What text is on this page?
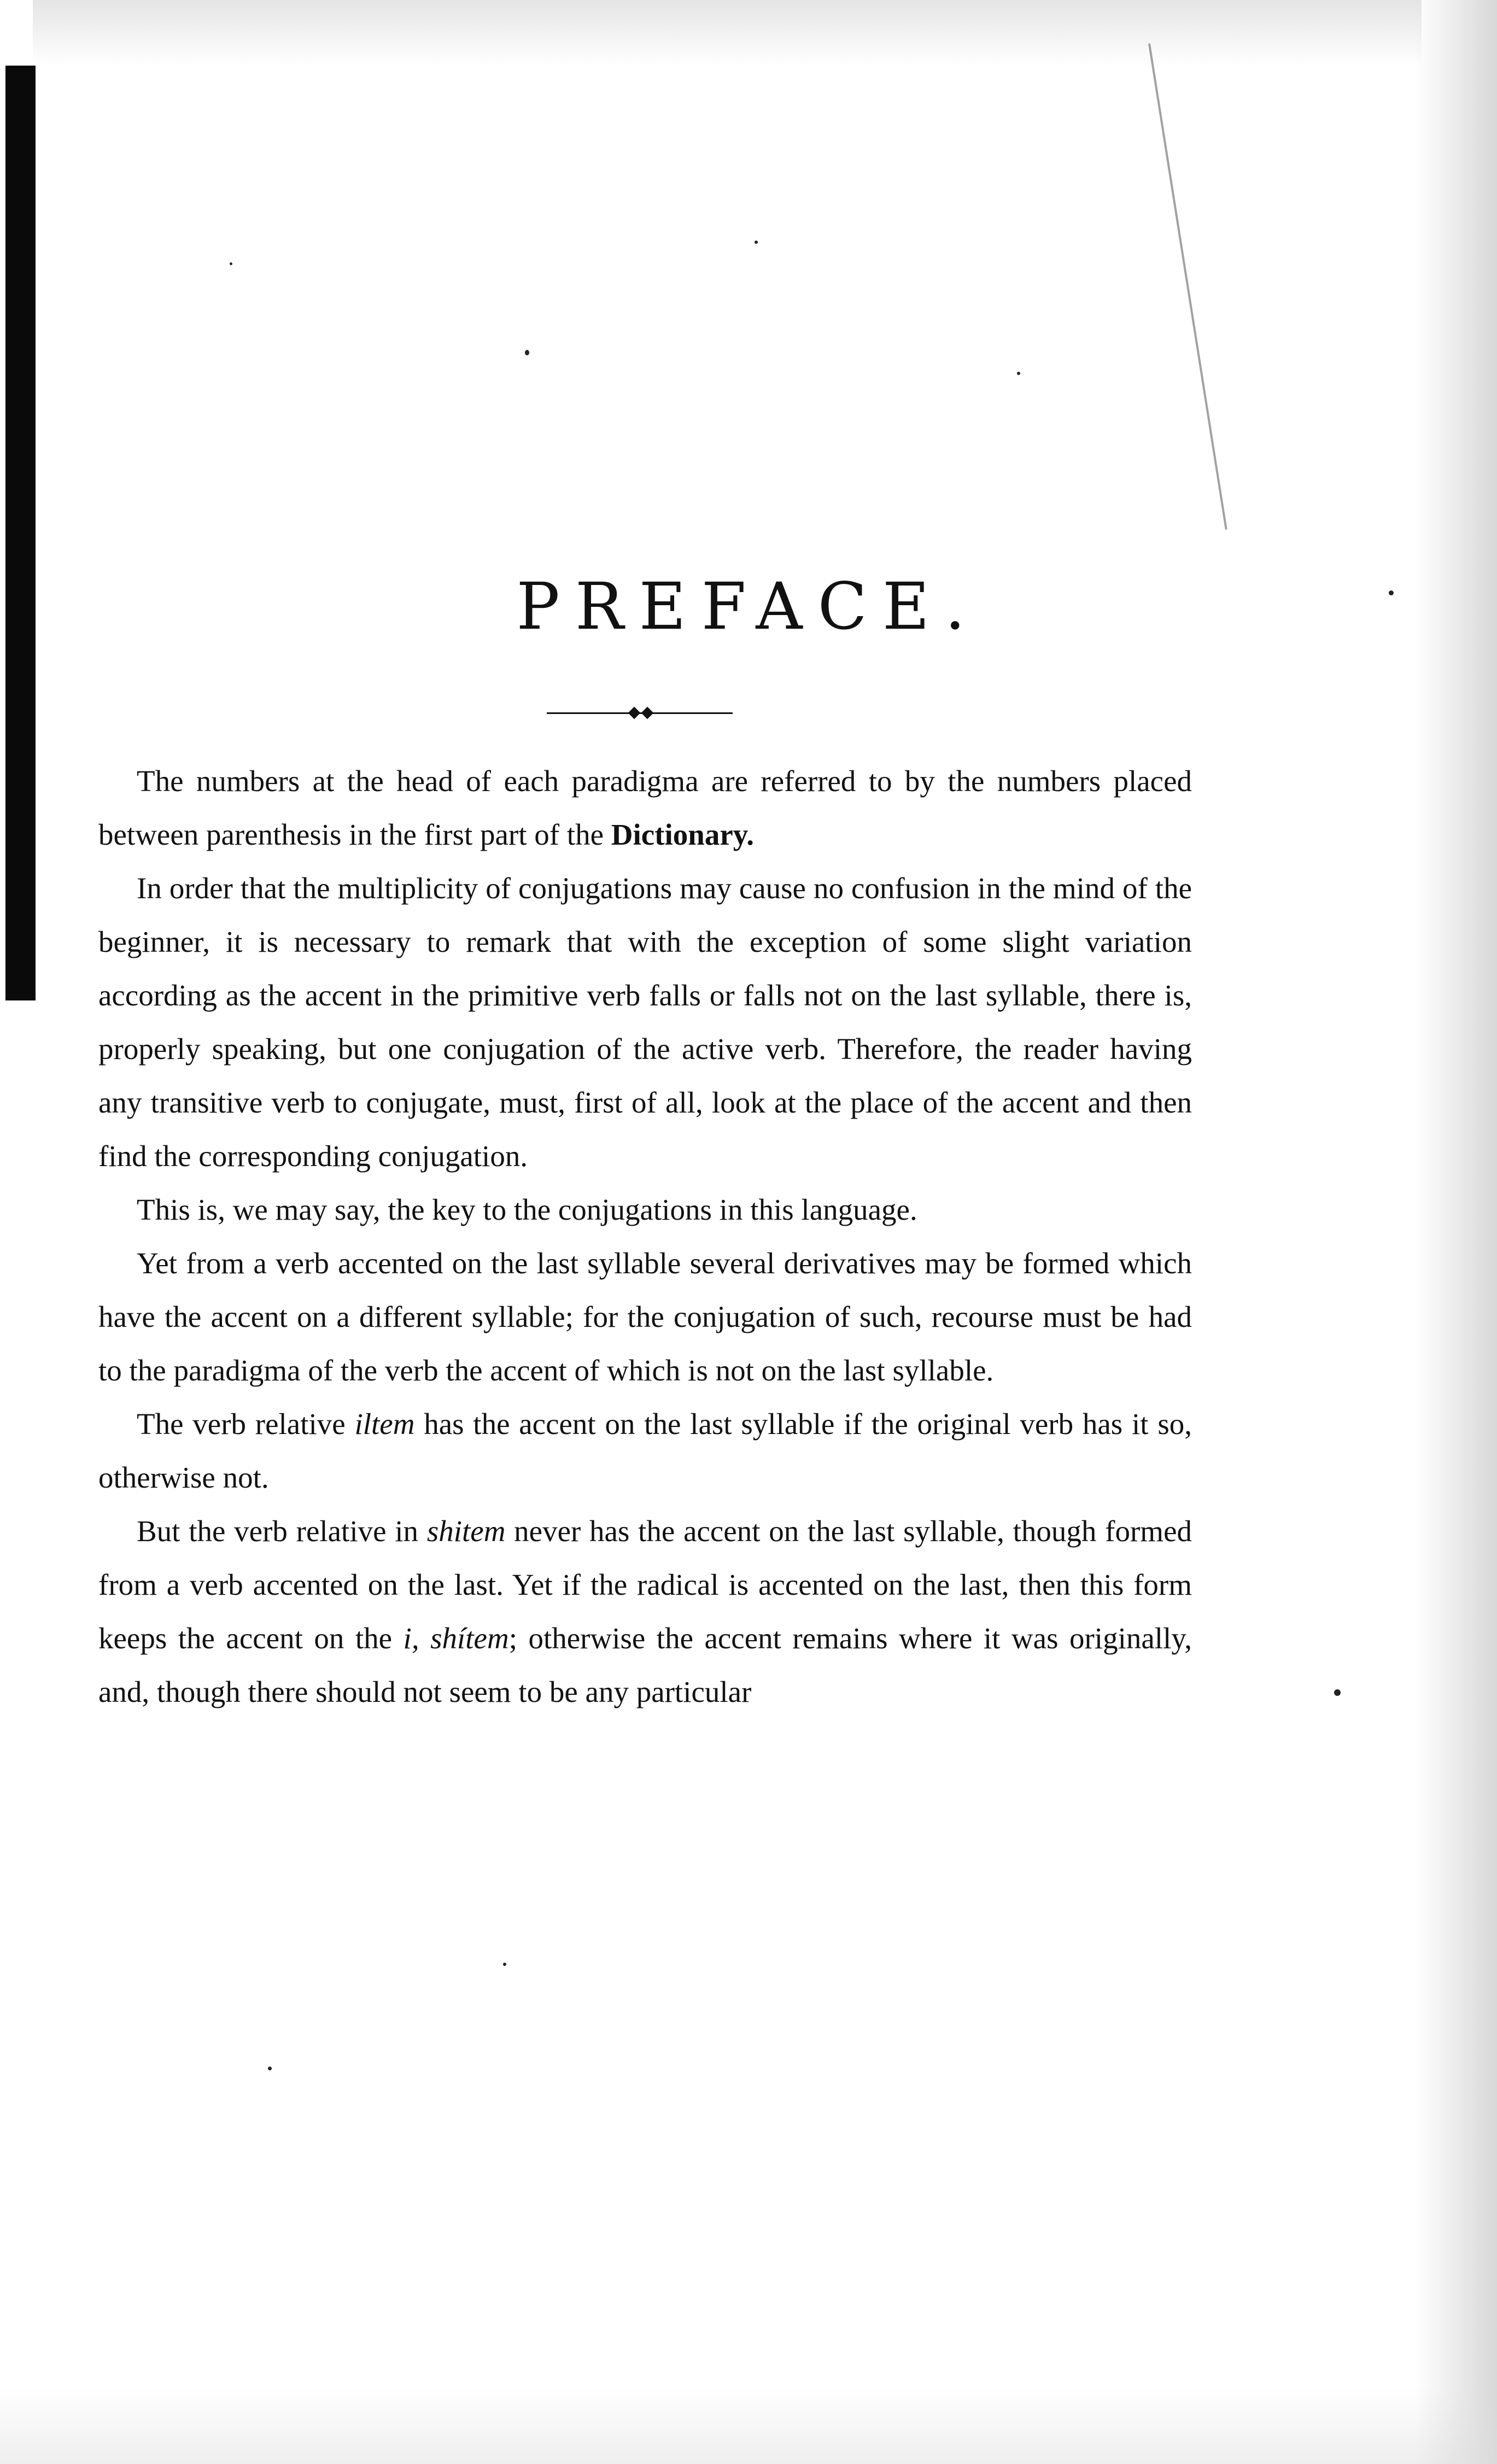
PREFACE.

The numbers at the head of each paradigma are referred to by the numbers placed between parenthesis in the first part of the Dictionary.

In order that the multiplicity of conjugations may cause no confusion in the mind of the beginner, it is necessary to remark that with the exception of some slight variation according as the accent in the primitive verb falls or falls not on the last syllable, there is, properly speaking, but one conjugation of the active verb. Therefore, the reader having any transitive verb to conjugate, must, first of all, look at the place of the accent and then find the corresponding conjugation.

This is, we may say, the key to the conjugations in this language.

Yet from a verb accented on the last syllable several derivatives may be formed which have the accent on a different syllable; for the conjugation of such, recourse must be had to the paradigma of the verb the accent of which is not on the last syllable.

The verb relative iltem has the accent on the last syllable if the original verb has it so, otherwise not.

But the verb relative in shitem never has the accent on the last syllable, though formed from a verb accented on the last. Yet if the radical is accented on the last, then this form keeps the accent on the i, shítem; otherwise the accent remains where it was originally, and, though there should not seem to be any particular
